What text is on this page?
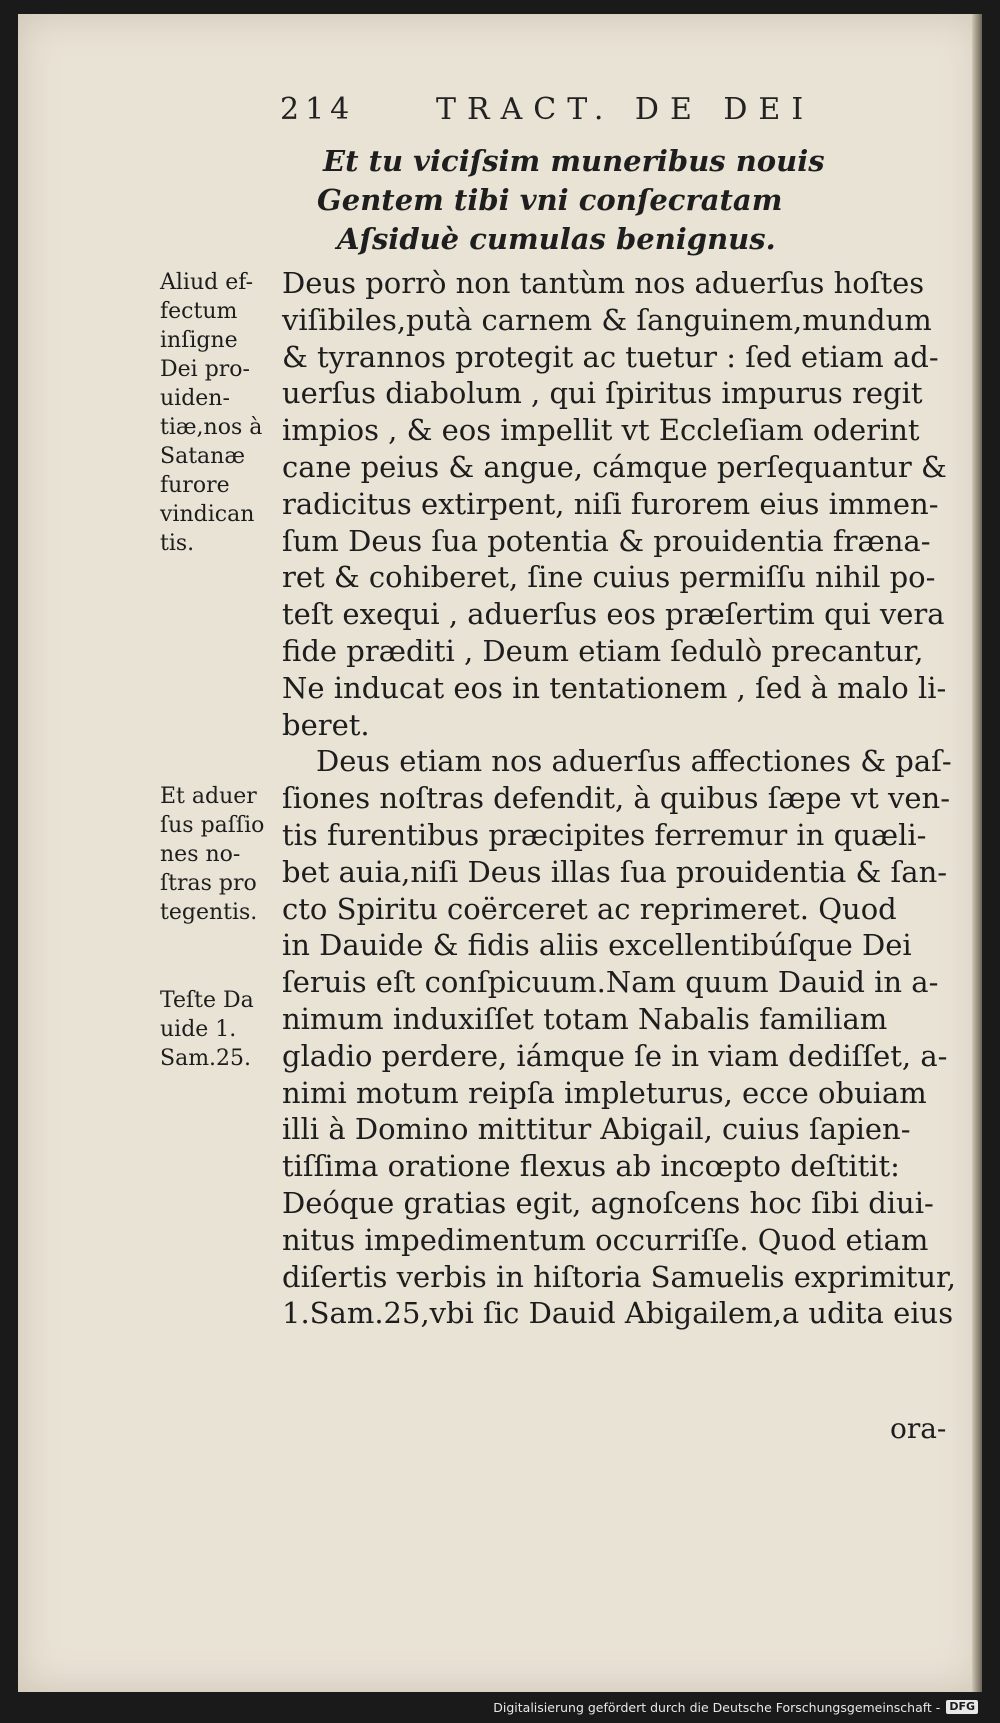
214	TRACT. DE DEI
Et tu viciſsim muneribus nouis
Gentem tibi vni conſecratam
Aſsiduè cumulas benignus.
Deus porrò non tantùm nos aduerſus hoſtes
viſibiles,putà carnem & ſanguinem,mundum
& tyrannos protegit ac tuetur : ſed etiam ad-
uerſus diabolum , qui ſpiritus impurus regit
impios , & eos impellit vt Eccleſiam oderint
cane peius & angue, cámque perſequantur &
radicitus extirpent, niſi furorem eius immen-
ſum Deus ſua potentia & prouidentia fræna-
ret & cohiberet, ſine cuius permiſſu nihil po-
teſt exequi , aduerſus eos præſertim qui vera
fide præditi , Deum etiam ſedulò precantur,
Ne inducat eos in tentationem , ſed à malo li-
beret.
Deus etiam nos aduerſus affectiones & paſ-
ſiones noſtras defendit, à quibus ſæpe vt ven-
tis furentibus præcipites ferremur in quæli-
bet auia,niſi Deus illas ſua prouidentia & ſan-
cto Spiritu coërceret ac reprimeret. Quod
in Dauide & fidis aliis excellentibúſque Dei
ſeruis eſt conſpicuum.Nam quum Dauid in a-
nimum induxiſſet totam Nabalis familiam
gladio perdere, iámque ſe in viam dediſſet, a-
nimi motum reipſa impleturus, ecce obuiam
illi à Domino mittitur Abigail, cuius ſapien-
tiſſima oratione flexus ab incœpto deſtitit:
Deóque gratias egit, agnoſcens hoc ſibi diui-
nitus impedimentum occurriſſe. Quod etiam
diſertis verbis in hiſtoria Samuelis exprimitur,
1.Sam.25,vbi ſic Dauid Abigailem,a udita eius
Aliud ef-
fectum
inſigne
Dei pro-
uiden-
tiæ,nos à
Satanæ
furore
vindican
tis.
Et aduer
ſus paſſio
nes no-
ſtras pro
tegentis.
Teſte Da
uide 1.
Sam.25.
ora-
Digitalisierung gefördert durch die Deutsche Forschungsgemeinschaft - DFG
